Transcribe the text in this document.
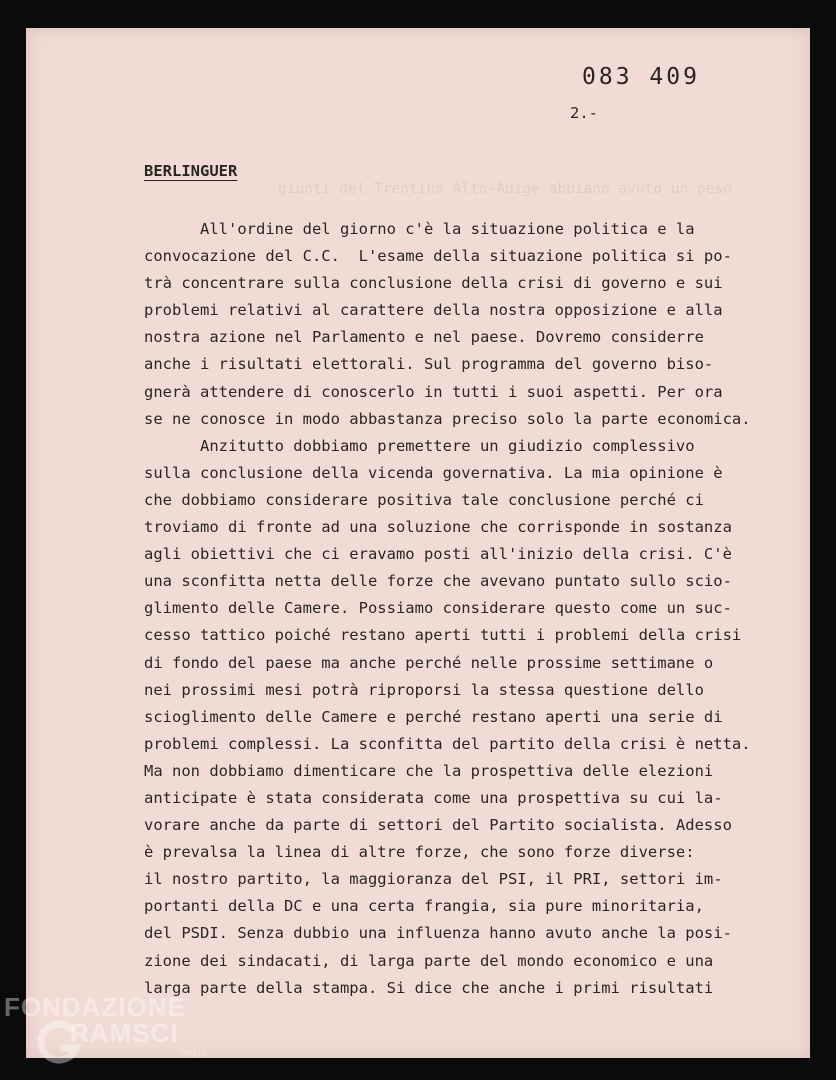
giunti del Trentino Alto-Adige abbiano avuto un peso
083 409
2.-
BERLINGUER
All'ordine del giorno c'è la situazione politica e la
convocazione del C.C.  L'esame della situazione politica si po-
trà concentrare sulla conclusione della crisi di governo e sui
problemi relativi al carattere della nostra opposizione e alla
nostra azione nel Parlamento e nel paese. Dovremo considerre
anche i risultati elettorali. Sul programma del governo biso-
gnerà attendere di conoscerlo in tutti i suoi aspetti. Per ora
se ne conosce in modo abbastanza preciso solo la parte economica.
Anzitutto dobbiamo premettere un giudizio complessivo
sulla conclusione della vicenda governativa. La mia opinione è
che dobbiamo considerare positiva tale conclusione perché ci
troviamo di fronte ad una soluzione che corrisponde in sostanza
agli obiettivi che ci eravamo posti all'inizio della crisi. C'è
una sconfitta netta delle forze che avevano puntato sullo scio-
glimento delle Camere. Possiamo considerare questo come un suc-
cesso tattico poiché restano aperti tutti i problemi della crisi
di fondo del paese ma anche perché nelle prossime settimane o
nei prossimi mesi potrà riproporsi la stessa questione dello
scioglimento delle Camere e perché restano aperti una serie di
problemi complessi. La sconfitta del partito della crisi è netta.
Ma non dobbiamo dimenticare che la prospettiva delle elezioni
anticipate è stata considerata come una prospettiva su cui la-
vorare anche da parte di settori del Partito socialista. Adesso
è prevalsa la linea di altre forze, che sono forze diverse:
il nostro partito, la maggioranza del PSI, il PRI, settori im-
portanti della DC e una certa frangia, sia pure minoritaria,
del PSDI. Senza dubbio una influenza hanno avuto anche la posi-
zione dei sindacati, di larga parte del mondo economico e una
larga parte della stampa. Si dice che anche i primi risultati
FONDAZIONE
RAMSCI
onlus
